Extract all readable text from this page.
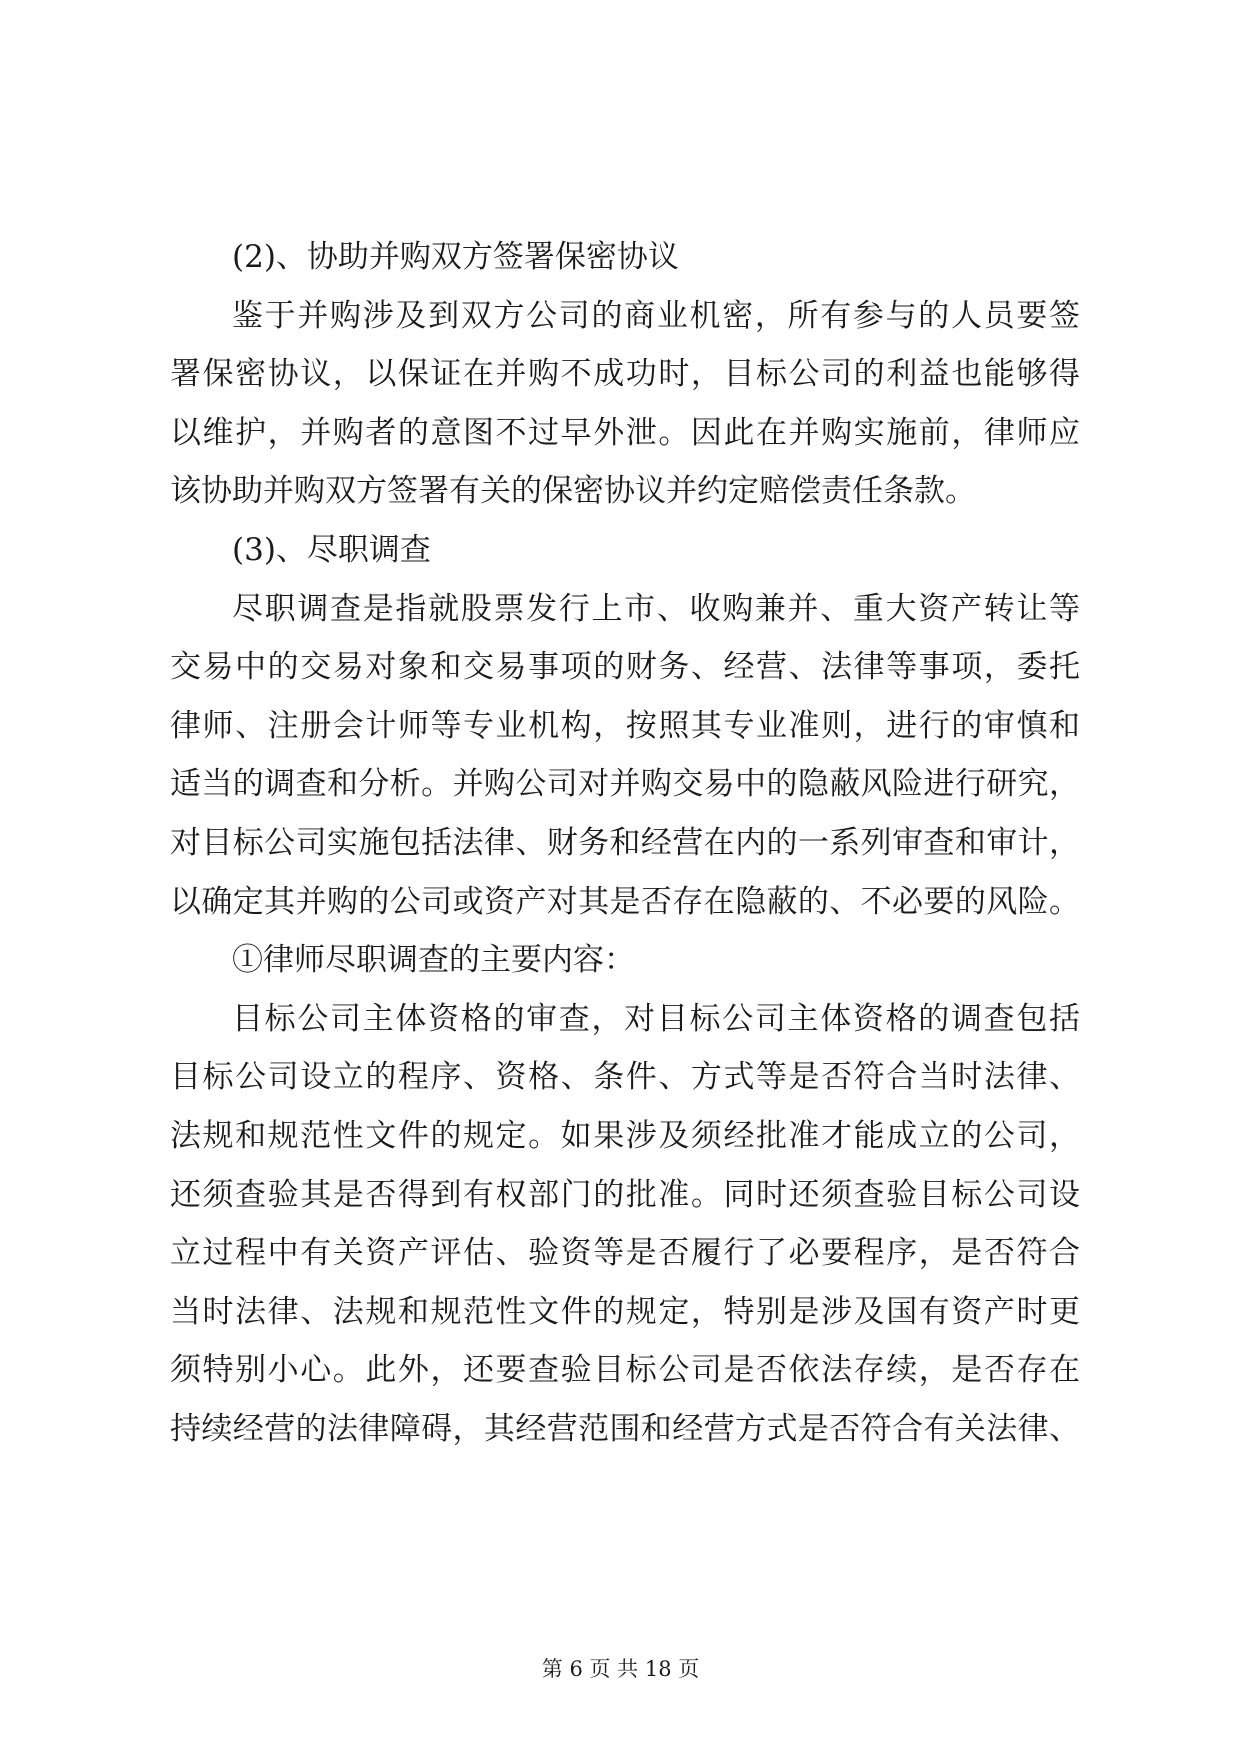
(2)、协助并购双方签署保密协议
鉴于并购涉及到双方公司的商业机密，所有参与的人员要签
署保密协议，以保证在并购不成功时，目标公司的利益也能够得
以维护，并购者的意图不过早外泄。因此在并购实施前，律师应
该协助并购双方签署有关的保密协议并约定赔偿责任条款。
(3)、尽职调查
尽职调查是指就股票发行上市、收购兼并、重大资产转让等
交易中的交易对象和交易事项的财务、经营、法律等事项，委托
律师、注册会计师等专业机构，按照其专业准则，进行的审慎和
适当的调查和分析。并购公司对并购交易中的隐蔽风险进行研究，
对目标公司实施包括法律、财务和经营在内的一系列审查和审计，
以确定其并购的公司或资产对其是否存在隐蔽的、不必要的风险。
①律师尽职调查的主要内容：
目标公司主体资格的审查，对目标公司主体资格的调查包括
目标公司设立的程序、资格、条件、方式等是否符合当时法律、
法规和规范性文件的规定。如果涉及须经批准才能成立的公司，
还须查验其是否得到有权部门的批准。同时还须查验目标公司设
立过程中有关资产评估、验资等是否履行了必要程序，是否符合
当时法律、法规和规范性文件的规定，特别是涉及国有资产时更
须特别小心。此外，还要查验目标公司是否依法存续，是否存在
持续经营的法律障碍，其经营范围和经营方式是否符合有关法律、
第 6 页 共 18 页
